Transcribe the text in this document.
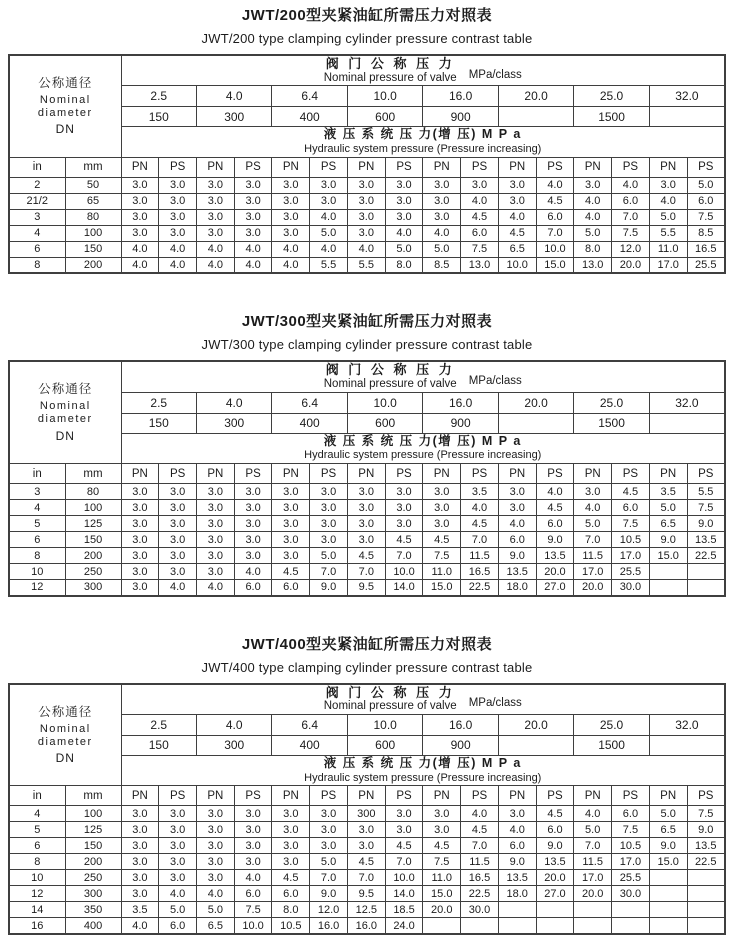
JWT/200型夹紧油缸所需压力对照表
JWT/200 type clamping cylinder pressure contrast table
公称通径
Nominal
diameter
DN

阀 门 公 称 压 力
Nominal pressure of valve MPa/class

		2.5		4.0		6.4		10.0		16.0		20.0		25.0		32.0	
		150		300		400		600		900				1500			

		液 压 系 统 压 力(增 压) M P a
Hydraulic system pressure (Pressure increasing)															

in	mm	PN	PS	PN	PS	PN	PS	PN	PS	PN	PS	PN	PS	PN	PS	PN	PS
2	50	3.0	3.0	3.0	3.0	3.0	3.0	3.0	3.0	3.0	3.0	3.0	4.0	3.0	4.0	3.0	5.0
21/2	65	3.0	3.0	3.0	3.0	3.0	3.0	3.0	3.0	3.0	4.0	3.0	4.5	4.0	6.0	4.0	6.0
3	80	3.0	3.0	3.0	3.0	3.0	4.0	3.0	3.0	3.0	4.5	4.0	6.0	4.0	7.0	5.0	7.5
4	100	3.0	3.0	3.0	3.0	3.0	5.0	3.0	4.0	4.0	6.0	4.5	7.0	5.0	7.5	5.5	8.5
6	150	4.0	4.0	4.0	4.0	4.0	4.0	4.0	5.0	5.0	7.5	6.5	10.0	8.0	12.0	11.0	16.5
8	200	4.0	4.0	4.0	4.0	4.0	5.5	5.5	8.0	8.5	13.0	10.0	15.0	13.0	20.0	17.0	25.5
JWT/300型夹紧油缸所需压力对照表
JWT/300 type clamping cylinder pressure contrast table
公称通径
Nominal
diameter
DN

阀 门 公 称 压 力
Nominal pressure of valve MPa/class

		2.5		4.0		6.4		10.0		16.0		20.0		25.0		32.0	
		150		300		400		600		900				1500			

		液 压 系 统 压 力(增 压) M P a
Hydraulic system pressure (Pressure increasing)															

in	mm	PN	PS	PN	PS	PN	PS	PN	PS	PN	PS	PN	PS	PN	PS	PN	PS
3	80	3.0	3.0	3.0	3.0	3.0	3.0	3.0	3.0	3.0	3.5	3.0	4.0	3.0	4.5	3.5	5.5
4	100	3.0	3.0	3.0	3.0	3.0	3.0	3.0	3.0	3.0	4.0	3.0	4.5	4.0	6.0	5.0	7.5
5	125	3.0	3.0	3.0	3.0	3.0	3.0	3.0	3.0	3.0	4.5	4.0	6.0	5.0	7.5	6.5	9.0
6	150	3.0	3.0	3.0	3.0	3.0	3.0	3.0	4.5	4.5	7.0	6.0	9.0	7.0	10.5	9.0	13.5
8	200	3.0	3.0	3.0	3.0	3.0	5.0	4.5	7.0	7.5	11.5	9.0	13.5	11.5	17.0	15.0	22.5
10	250	3.0	3.0	3.0	4.0	4.5	7.0	7.0	10.0	11.0	16.5	13.5	20.0	17.0	25.5		
12	300	3.0	4.0	4.0	6.0	6.0	9.0	9.5	14.0	15.0	22.5	18.0	27.0	20.0	30.0		
JWT/400型夹紧油缸所需压力对照表
JWT/400 type clamping cylinder pressure contrast table
公称通径
Nominal
diameter
DN

阀 门 公 称 压 力
Nominal pressure of valve MPa/class

		2.5		4.0		6.4		10.0		16.0		20.0		25.0		32.0	
		150		300		400		600		900				1500			

		液 压 系 统 压 力(增 压) M P a
Hydraulic system pressure (Pressure increasing)															

in	mm	PN	PS	PN	PS	PN	PS	PN	PS	PN	PS	PN	PS	PN	PS	PN	PS
4	100	3.0	3.0	3.0	3.0	3.0	3.0	300	3.0	3.0	4.0	3.0	4.5	4.0	6.0	5.0	7.5
5	125	3.0	3.0	3.0	3.0	3.0	3.0	3.0	3.0	3.0	4.5	4.0	6.0	5.0	7.5	6.5	9.0
6	150	3.0	3.0	3.0	3.0	3.0	3.0	3.0	4.5	4.5	7.0	6.0	9.0	7.0	10.5	9.0	13.5
8	200	3.0	3.0	3.0	3.0	3.0	5.0	4.5	7.0	7.5	11.5	9.0	13.5	11.5	17.0	15.0	22.5
10	250	3.0	3.0	3.0	4.0	4.5	7.0	7.0	10.0	11.0	16.5	13.5	20.0	17.0	25.5		
12	300	3.0	4.0	4.0	6.0	6.0	9.0	9.5	14.0	15.0	22.5	18.0	27.0	20.0	30.0		
14	350	3.5	5.0	5.0	7.5	8.0	12.0	12.5	18.5	20.0	30.0						
16	400	4.0	6.0	6.5	10.0	10.5	16.0	16.0	24.0								
